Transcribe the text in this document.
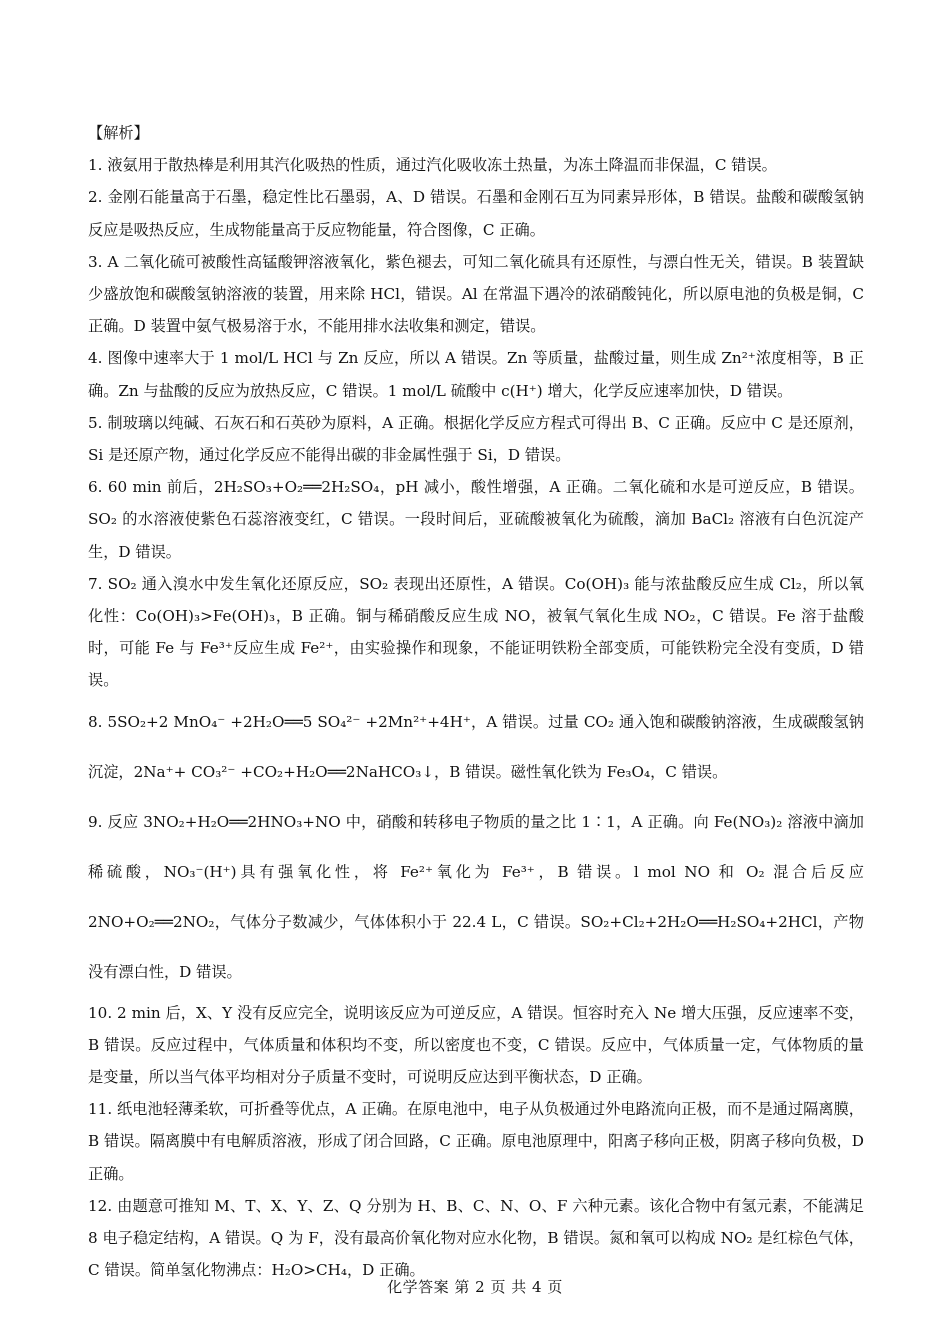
【解析】

1. 液氨用于散热棒是利用其汽化吸热的性质，通过汽化吸收冻土热量，为冻土降温而非保温，C 错误。

2. 金刚石能量高于石墨，稳定性比石墨弱，A、D 错误。石墨和金刚石互为同素异形体，B 错误。盐酸和碳酸氢钠反应是吸热反应，生成物能量高于反应物能量，符合图像，C 正确。

3. A 二氧化硫可被酸性高锰酸钾溶液氧化，紫色褪去，可知二氧化硫具有还原性，与漂白性无关，错误。B 装置缺少盛放饱和碳酸氢钠溶液的装置，用来除 HCl，错误。Al 在常温下遇冷的浓硝酸钝化，所以原电池的负极是铜，C 正确。D 装置中氨气极易溶于水，不能用排水法收集和测定，错误。

4. 图像中速率大于 1 mol/L HCl 与 Zn 反应，所以 A 错误。Zn 等质量，盐酸过量，则生成 Zn²⁺浓度相等，B 正确。Zn 与盐酸的反应为放热反应，C 错误。1 mol/L 硫酸中 c(H⁺) 增大，化学反应速率加快，D 错误。

5. 制玻璃以纯碱、石灰石和石英砂为原料，A 正确。根据化学反应方程式可得出 B、C 正确。反应中 C 是还原剂，Si 是还原产物，通过化学反应不能得出碳的非金属性强于 Si，D 错误。

6. 60 min 前后，2H₂SO₃+O₂══2H₂SO₄，pH 减小，酸性增强，A 正确。二氧化硫和水是可逆反应，B 错误。SO₂ 的水溶液使紫色石蕊溶液变红，C 错误。一段时间后，亚硫酸被氧化为硫酸，滴加 BaCl₂ 溶液有白色沉淀产生，D 错误。

7. SO₂ 通入溴水中发生氧化还原反应，SO₂ 表现出还原性，A 错误。Co(OH)₃ 能与浓盐酸反应生成 Cl₂，所以氧化性：Co(OH)₃>Fe(OH)₃，B 正确。铜与稀硝酸反应生成 NO，被氧气氧化生成 NO₂，C 错误。Fe 溶于盐酸时，可能 Fe 与 Fe³⁺反应生成 Fe²⁺，由实验操作和现象，不能证明铁粉全部变质，可能铁粉完全没有变质，D 错误。

8. 5SO₂+2 MnO₄⁻ +2H₂O══5 SO₄²⁻ +2Mn²⁺+4H⁺，A 错误。过量 CO₂ 通入饱和碳酸钠溶液，生成碳酸氢钠沉淀，2Na⁺+ CO₃²⁻ +CO₂+H₂O══2NaHCO₃↓，B 错误。磁性氧化铁为 Fe₃O₄，C 错误。

9. 反应 3NO₂+H₂O══2HNO₃+NO 中，硝酸和转移电子物质的量之比 1∶1，A 正确。向 Fe(NO₃)₂ 溶液中滴加稀硫酸，NO₃⁻(H⁺)具有强氧化性，将 Fe²⁺氧化为 Fe³⁺，B 错误。l mol NO 和 O₂ 混合后反应 2NO+O₂══2NO₂，气体分子数减少，气体体积小于 22.4 L，C 错误。SO₂+Cl₂+2H₂O══H₂SO₄+2HCl，产物没有漂白性，D 错误。

10. 2 min 后，X、Y 没有反应完全，说明该反应为可逆反应，A 错误。恒容时充入 Ne 增大压强，反应速率不变，B 错误。反应过程中，气体质量和体积均不变，所以密度也不变，C 错误。反应中，气体质量一定，气体物质的量是变量，所以当气体平均相对分子质量不变时，可说明反应达到平衡状态，D 正确。

11. 纸电池轻薄柔软，可折叠等优点，A 正确。在原电池中，电子从负极通过外电路流向正极，而不是通过隔离膜，B 错误。隔离膜中有电解质溶液，形成了闭合回路，C 正确。原电池原理中，阳离子移向正极，阴离子移向负极，D 正确。

12. 由题意可推知 M、T、X、Y、Z、Q 分别为 H、B、C、N、O、F 六种元素。该化合物中有氢元素，不能满足 8 电子稳定结构，A 错误。Q 为 F，没有最高价氧化物对应水化物，B 错误。氮和氧可以构成 NO₂ 是红棕色气体，C 错误。简单氢化物沸点：H₂O>CH₄，D 正确。

化学答案 第 2 页 共 4 页
